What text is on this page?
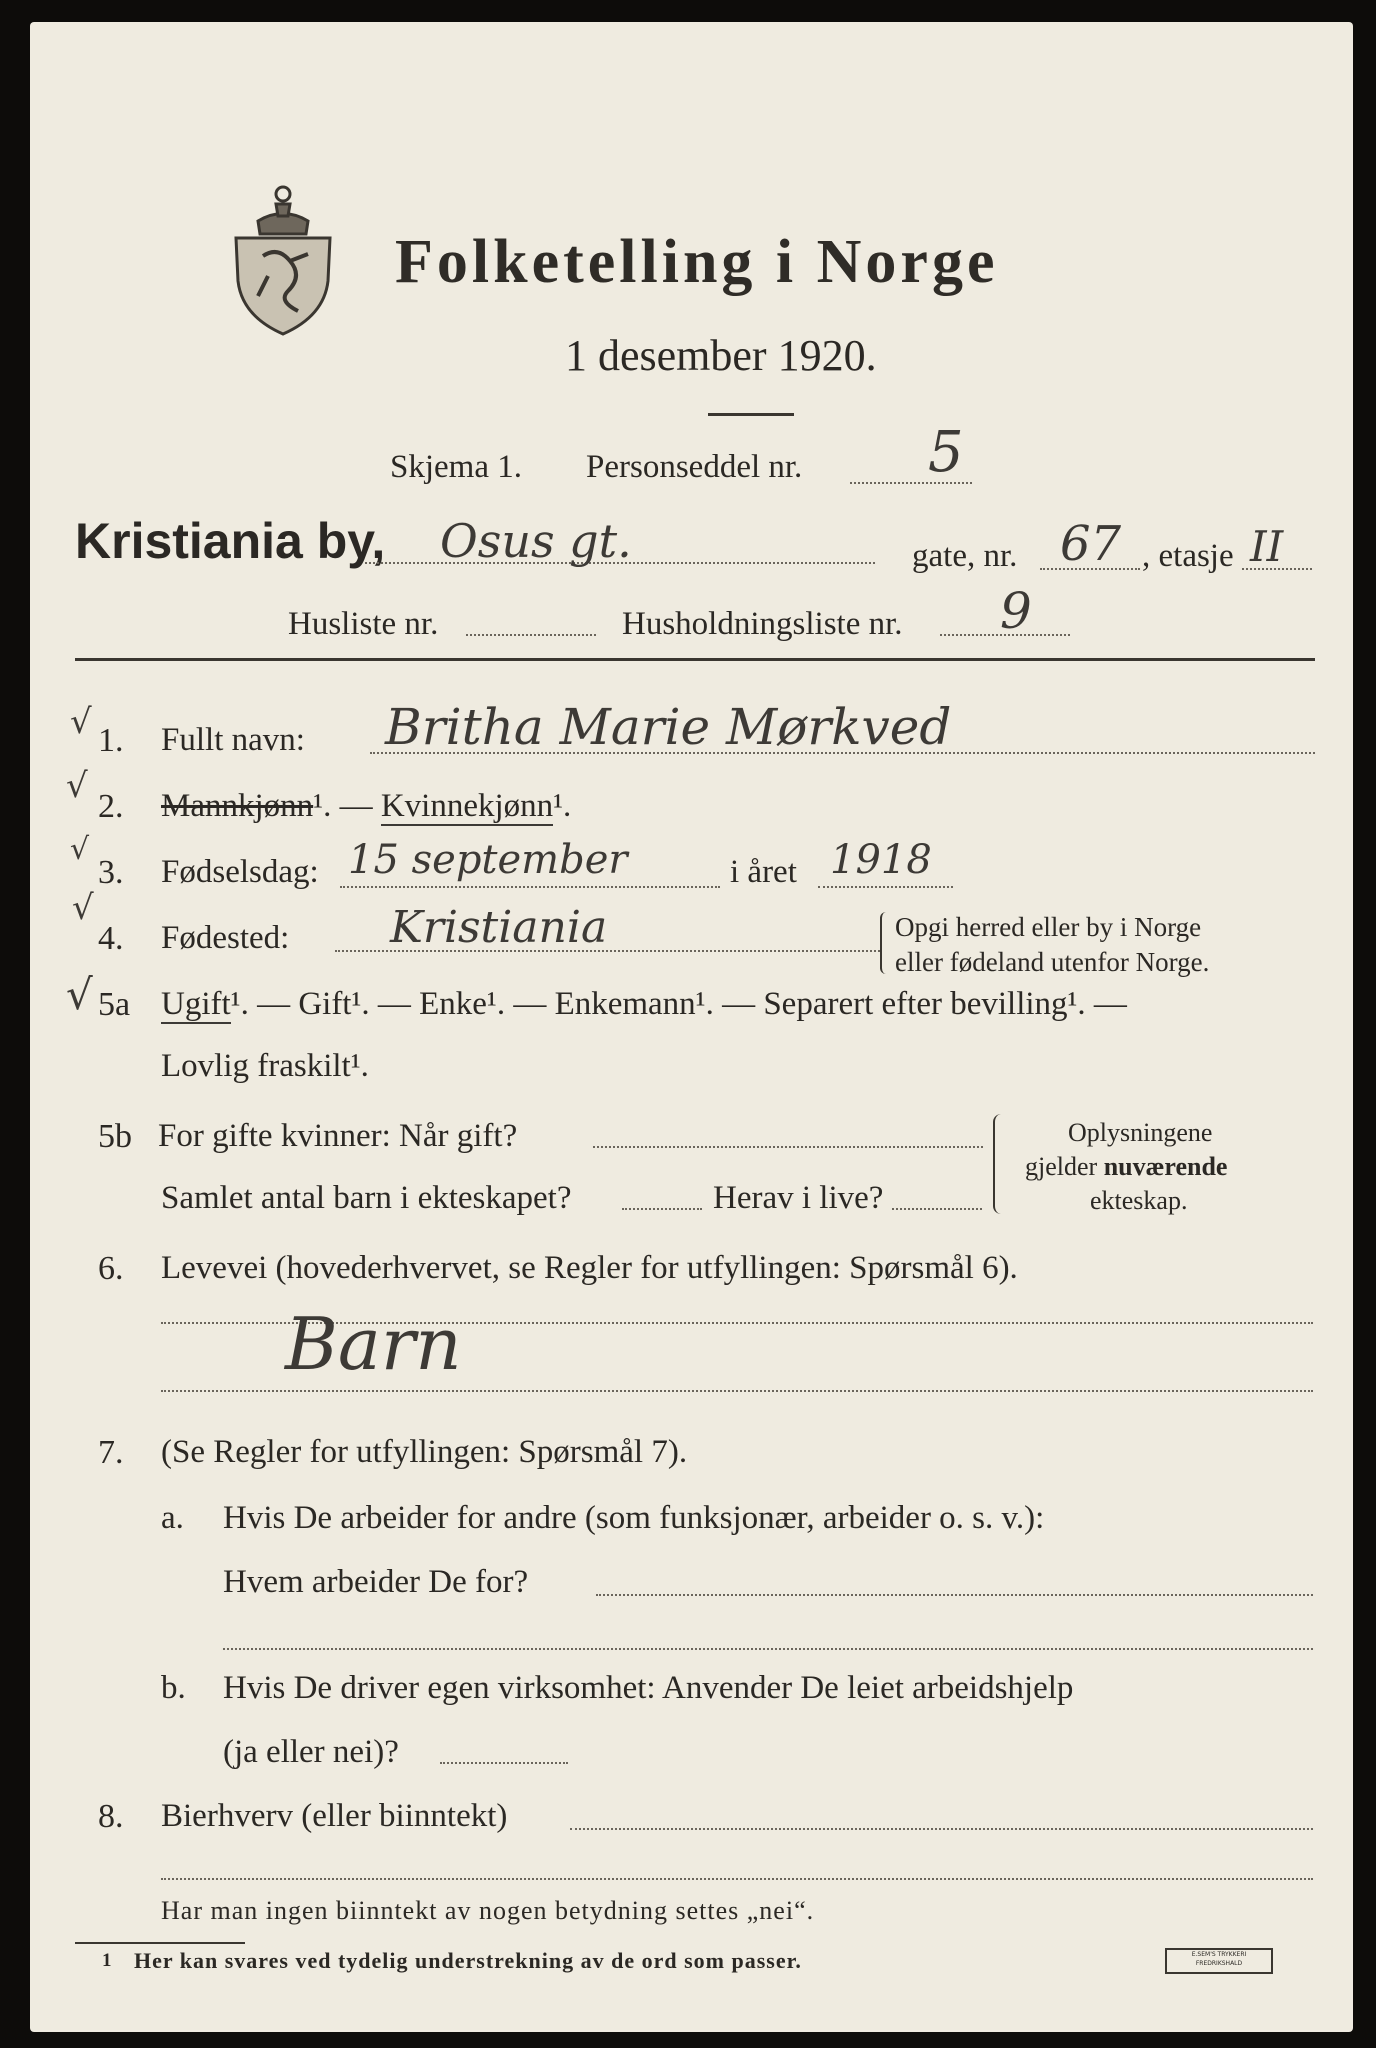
Folketelling i Norge
1 desember 1920.
Skjema 1. Personseddel nr. 5
Kristiania by, Osus gt.	gate, nr. 67 , etasje II
Husliste nr.	Husholdningsliste nr. 9
√
√
√
√
√
1. Fullt navn: Britha Marie Mørkved
2. Mannkjønn¹. — Kvinnekjønn¹.
3. Fødselsdag: 15 september	i året 1918
4. Fødested: Kristiania	Opgi herred eller by i Norge
eller fødeland utenfor Norge.
5a Ugift¹. — Gift¹. — Enke¹. — Enkemann¹. — Separert efter bevilling¹. —
Lovlig fraskilt¹.
5b For gifte kvinner: Når gift?
Samlet antal barn i ekteskapet?	Herav i live?
Oplysningene
gjelder nuværende
ekteskap.
6. Levevei (hovederhvervet, se Regler for utfyllingen: Spørsmål 6).
Barn
7. (Se Regler for utfyllingen: Spørsmål 7).
a. Hvis De arbeider for andre (som funksjonær, arbeider o. s. v.):
Hvem arbeider De for?
b. Hvis De driver egen virksomhet: Anvender De leiet arbeidshjelp
(ja eller nei)?
8. Bierhverv (eller biinntekt)
Har man ingen biinntekt av nogen betydning settes „nei“.
1 Her kan svares ved tydelig understrekning av de ord som passer.	E.SEM'S TRYKKERI
FREDRIKSHALD
